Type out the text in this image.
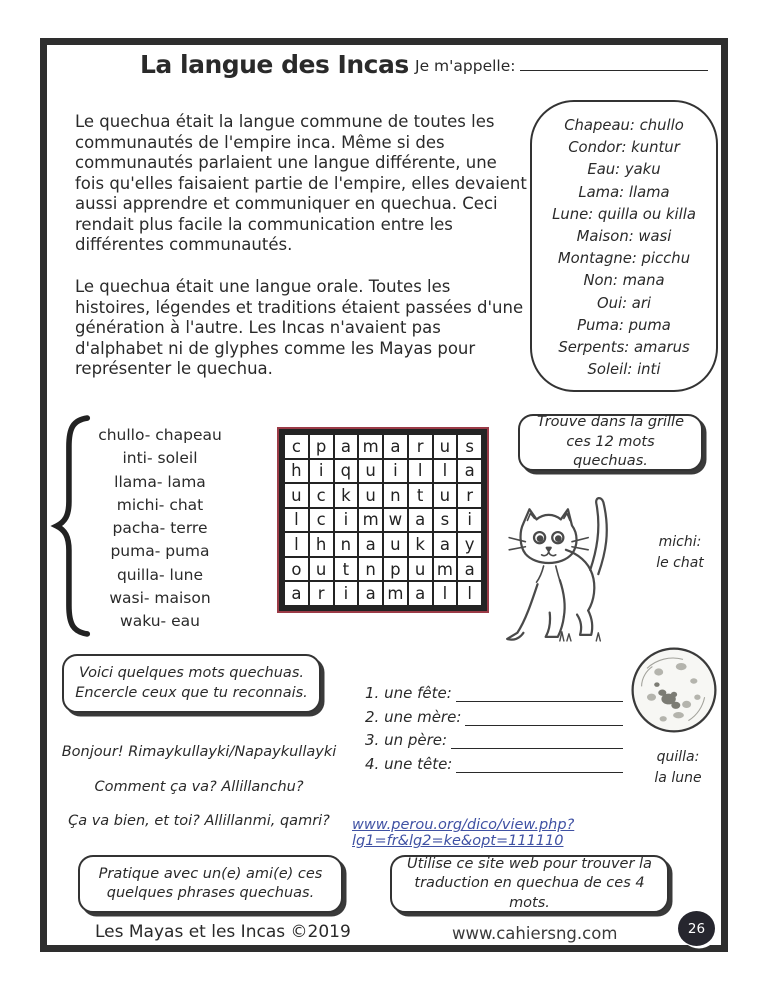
La langue des Incas Je m'appelle:
Le quechua était la langue commune de toutes les communautés de l'empire inca. Même si des communautés parlaient une langue différente, une fois qu'elles faisaient partie de l'empire, elles devaient aussi apprendre et communiquer en quechua. Ceci rendait plus facile la communication entre les différentes communautés.
Le quechua était une langue orale. Toutes les histoires, légendes et traditions étaient passées d'une génération à l'autre. Les Incas n'avaient pas d'alphabet ni de glyphes comme les Mayas pour représenter le quechua.
Chapeau: chullo
Condor: kuntur
Eau: yaku
Lama: llama
Lune: quilla ou killa
Maison: wasi
Montagne: picchu
Non: mana
Oui: ari
Puma: puma
Serpents: amarus
Soleil: inti
chullo- chapeau
inti- soleil
llama- lama
michi- chat
pacha- terre
puma- puma
quilla- lune
wasi- maison
waku- eau
c p a m a r u s
h	i	q u	i	l	l	a
u c k u n t u r
l	c	i m w a s	i
l	h n a u k a y
o u t n p u m a
a r	i	a m a	l	l
Trouve dans la grille ces 12 mots quechuas.
michi:
le chat
Voici quelques mots quechuas.
Encercle ceux que tu reconnais.	1. une fête:
2. une mère:
3. un père:
4. une tête:	quilla:
la lune
Bonjour! Rimaykullayki/Napaykullayki
Comment ça va? Allillanchu?
Ça va bien, et toi? Allillanmi, qamri?	www.perou.org/dico/view.php?lg1=fr&lg2=ke&opt=111110
Pratique avec un(e) ami(e) ces
quelques phrases quechuas.
Utilise ce site web pour trouver la
traduction en quechua de ces 4 mots.
Les Mayas et les Incas ©2019	www.cahiersng.com	26
